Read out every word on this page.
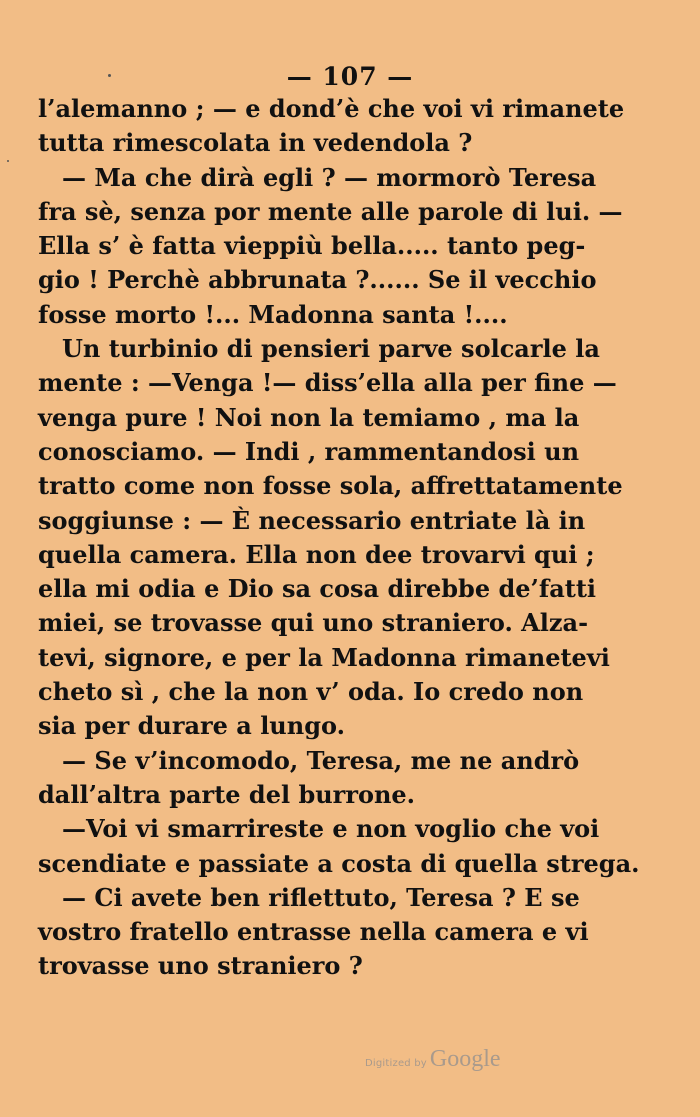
— 107 —
l’alemanno ; — e dond’è che voi vi rimanete
tutta rimescolata in vedendola ?
— Ma che dirà egli ? — mormorò Teresa
fra sè, senza por mente alle parole di lui. —
Ella s’ è fatta vieppiù bella..... tanto peg-
gio ! Perchè abbrunata ?...... Se il vecchio
fosse morto !... Madonna santa !....
Un turbinio di pensieri parve solcarle la
mente : —Venga !— diss’ella alla per fine —
venga pure ! Noi non la temiamo , ma la
conosciamo. — Indi , rammentandosi un
tratto come non fosse sola, affrettatamente
soggiunse : — È necessario entriate là in
quella camera. Ella non dee trovarvi qui ;
ella mi odia e Dio sa cosa direbbe de’fatti
miei, se trovasse qui uno straniero. Alza-
tevi, signore, e per la Madonna rimanetevi
cheto sì , che la non v’ oda. Io credo non
sia per durare a lungo.
— Se v’incomodo, Teresa, me ne andrò
dall’altra parte del burrone.
—Voi vi smarrireste e non voglio che voi
scendiate e passiate a costa di quella strega.
— Ci avete ben riflettuto, Teresa ? E se
vostro fratello entrasse nella camera e vi
trovasse uno straniero ?
Digitized by Google
